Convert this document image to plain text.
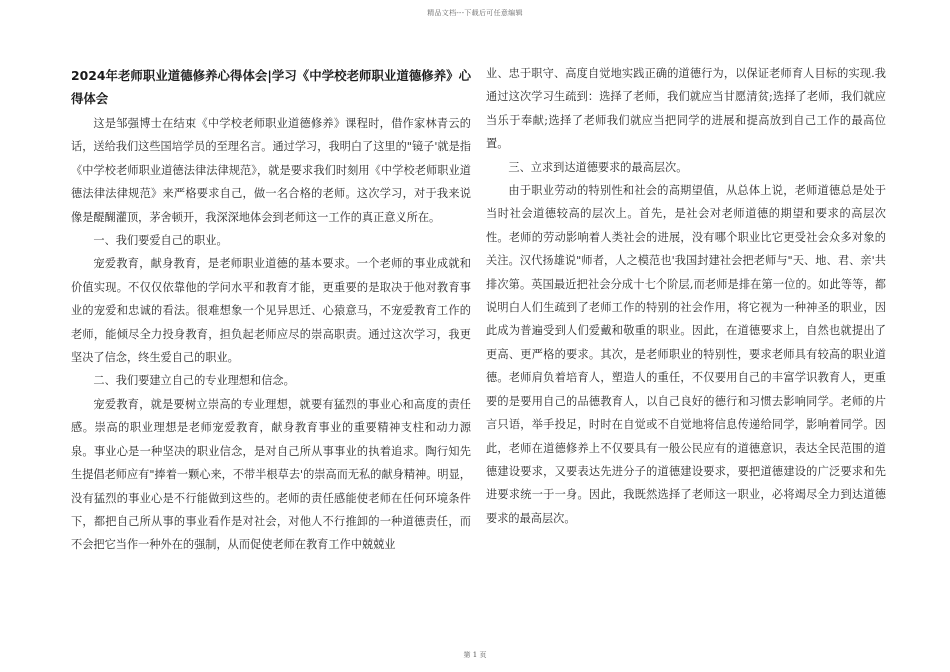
精品文档---下载后可任意编辑
2024年老师职业道德修养心得体会|学习《中学校老师职业道德修养》心得体会

这是邹强博士在结束《中学校老师职业道德修养》课程时，借作家林青云的话，送给我们这些国培学员的至理名言。通过学习，我明白了这里的"镜子'就是指《中学校老师职业道德法律法律规范》，就是要求我们时刻用《中学校老师职业道德法律法律规范》来严格要求自己，做一名合格的老师。这次学习，对于我来说像是醍醐灌顶，茅舍顿开，我深深地体会到老师这一工作的真正意义所在。

一、我们要爱自己的职业。

宠爱教育，献身教育，是老师职业道德的基本要求。一个老师的事业成就和价值实现。不仅仅依靠他的学问水平和教育才能，更重要的是取决于他对教育事业的宠爱和忠诚的看法。很难想象一个见异思迁、心猿意马，不宠爱教育工作的老师，能倾尽全力投身教育，担负起老师应尽的崇高职责。通过这次学习，我更坚决了信念，终生爱自己的职业。

二、我们要建立自己的专业理想和信念。

宠爱教育，就是要树立崇高的专业理想，就要有猛烈的事业心和高度的责任感。崇高的职业理想是老师宠爱教育，献身教育事业的重要精神支柱和动力源泉。事业心是一种坚决的职业信念，是对自己所从事事业的执着追求。陶行知先生提倡老师应有"捧着一颗心来，不带半根草去'的崇高而无私的献身精神。明显，没有猛烈的事业心是不行能做到这些的。老师的责任感能使老师在任何环境条件下，都把自己所从事的事业看作是对社会，对他人不行推卸的一种道德责任，而不会把它当作一种外在的强制，从而促使老师在教育工作中兢兢业

业、忠于职守、高度自觉地实践正确的道德行为，以保证老师育人目标的实现.我通过这次学习生疏到：选择了老师，我们就应当甘愿清贫;选择了老师，我们就应当乐于奉献;选择了老师我们就应当把同学的进展和提高放到自己工作的最高位置。

三、立求到达道德要求的最高层次。

由于职业劳动的特别性和社会的高期望值，从总体上说，老师道德总是处于当时社会道德较高的层次上。首先，是社会对老师道德的期望和要求的高层次性。老师的劳动影响着人类社会的进展，没有哪个职业比它更受社会众多对象的关注。汉代扬雄说"师者，人之模范也'我国封建社会把老师与"天、地、君、亲'共排次第。英国最近把社会分成十七个阶层,而老师是排在第一位的。如此等等，都说明白人们生疏到了老师工作的特别的社会作用，将它视为一种神圣的职业，因此成为普遍受到人们爱戴和敬重的职业。因此，在道德要求上，自然也就提出了更高、更严格的要求。其次，是老师职业的特别性，要求老师具有较高的职业道德。老师肩负着培育人，塑造人的重任，不仅要用自己的丰富学识教育人，更重要的是要用自己的品德教育人，以自己良好的德行和习惯去影响同学。老师的片言只语，举手投足，时时在自觉或不自觉地将信息传递给同学，影响着同学。因此，老师在道德修养上不仅要具有一般公民应有的道德意识，表达全民范围的道德建设要求，又要表达先进分子的道德建设要求，要把道德建设的广泛要求和先进要求统一于一身。因此，我既然选择了老师这一职业，必将竭尽全力到达道德要求的最高层次。

第 1 页
